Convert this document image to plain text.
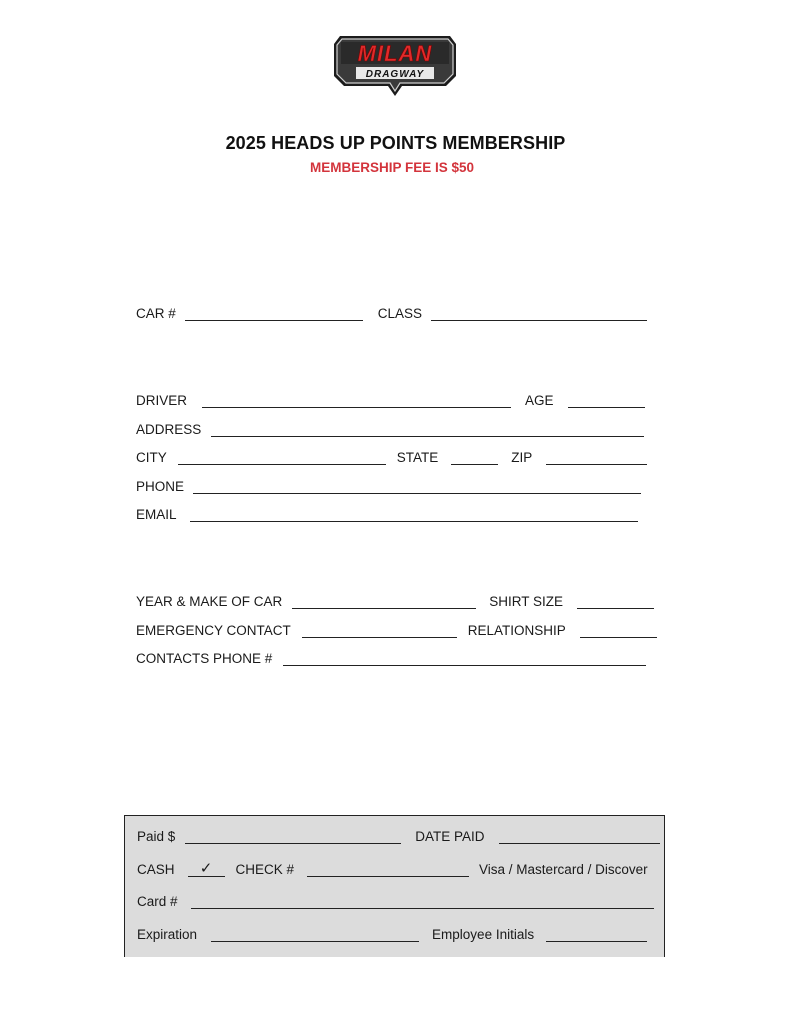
MILAN
DRAGWAY
2025 HEADS UP POINTS MEMBERSHIP
MEMBERSHIP FEE IS $50
CAR #	CLASS
DRIVER	AGE
ADDRESS
CITY	STATE	ZIP
PHONE
EMAIL
YEAR & MAKE OF CAR	SHIRT SIZE
EMERGENCY CONTACT	RELATIONSHIP
CONTACTS PHONE #
Paid $	DATE PAID
CASH	✓	CHECK #	Visa / Mastercard / Discover
Card #
Expiration	Employee Initials
